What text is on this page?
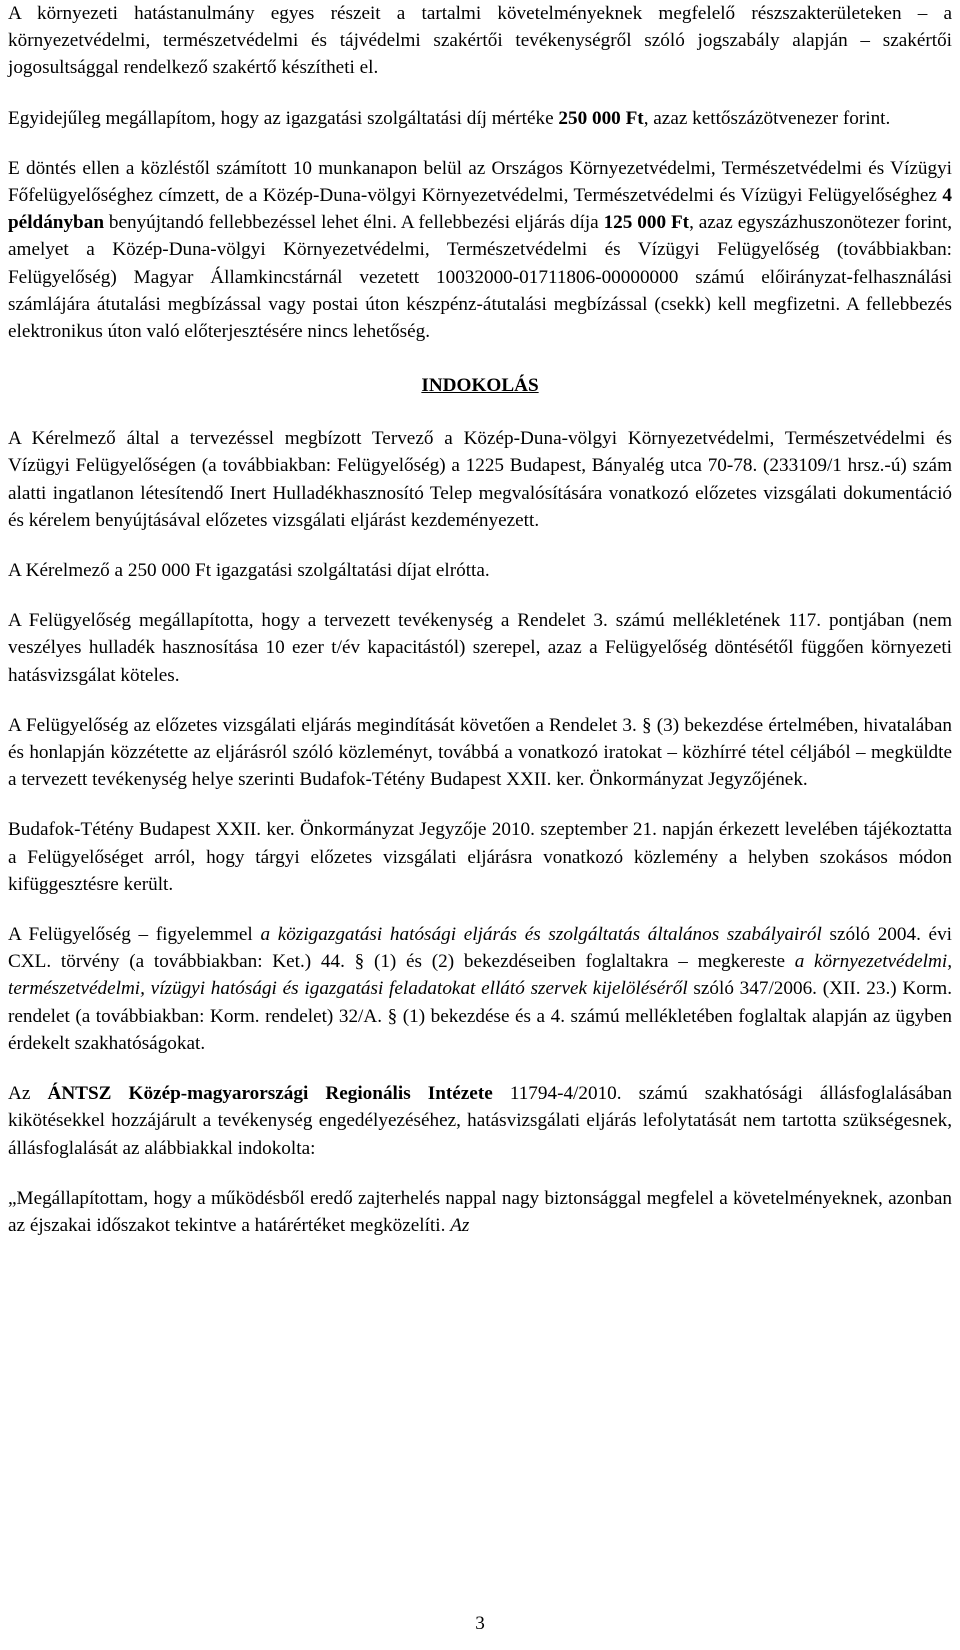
A környezeti hatástanulmány egyes részeit a tartalmi követelményeknek megfelelő részszakterületeken – a környezetvédelmi, természetvédelmi és tájvédelmi szakértői tevékenységről szóló jogszabály alapján – szakértői jogosultsággal rendelkező szakértő készítheti el.

Egyidejűleg megállapítom, hogy az igazgatási szolgáltatási díj mértéke 250 000 Ft, azaz kettőszázötvenezer forint.

E döntés ellen a közléstől számított 10 munkanapon belül az Országos Környezetvédelmi, Természetvédelmi és Vízügyi Főfelügyelőséghez címzett, de a Közép-Duna-völgyi Környezetvédelmi, Természetvédelmi és Vízügyi Felügyelőséghez 4 példányban benyújtandó fellebbezéssel lehet élni. A fellebbezési eljárás díja 125 000 Ft, azaz egyszázhuszonötezer forint, amelyet a Közép-Duna-völgyi Környezetvédelmi, Természetvédelmi és Vízügyi Felügyelőség (továbbiakban: Felügyelőség) Magyar Államkincstárnál vezetett 10032000-01711806-00000000 számú előirányzat-felhasználási számlájára átutalási megbízással vagy postai úton készpénz-átutalási megbízással (csekk) kell megfizetni. A fellebbezés elektronikus úton való előterjesztésére nincs lehetőség.

INDOKOLÁS

A Kérelmező által a tervezéssel megbízott Tervező a Közép-Duna-völgyi Környezetvédelmi, Természetvédelmi és Vízügyi Felügyelőségen (a továbbiakban: Felügyelőség) a 1225 Budapest, Bányalég utca 70-78. (233109/1 hrsz.-ú) szám alatti ingatlanon létesítendő Inert Hulladékhasznosító Telep megvalósítására vonatkozó előzetes vizsgálati dokumentáció és kérelem benyújtásával előzetes vizsgálati eljárást kezdeményezett.

A Kérelmező a 250 000 Ft igazgatási szolgáltatási díjat elrótta.

A Felügyelőség megállapította, hogy a tervezett tevékenység a Rendelet 3. számú mellékletének 117. pontjában (nem veszélyes hulladék hasznosítása 10 ezer t/év kapacitástól) szerepel, azaz a Felügyelőség döntésétől függően környezeti hatásvizsgálat köteles.

A Felügyelőség az előzetes vizsgálati eljárás megindítását követően a Rendelet 3. § (3) bekezdése értelmében, hivatalában és honlapján közzétette az eljárásról szóló közleményt, továbbá a vonatkozó iratokat – közhírré tétel céljából – megküldte a tervezett tevékenység helye szerinti Budafok-Tétény Budapest XXII. ker. Önkormányzat Jegyzőjének.

Budafok-Tétény Budapest XXII. ker. Önkormányzat Jegyzője 2010. szeptember 21. napján érkezett levelében tájékoztatta a Felügyelőséget arról, hogy tárgyi előzetes vizsgálati eljárásra vonatkozó közlemény a helyben szokásos módon kifüggesztésre került.

A Felügyelőség – figyelemmel a közigazgatási hatósági eljárás és szolgáltatás általános szabályairól szóló 2004. évi CXL. törvény (a továbbiakban: Ket.) 44. § (1) és (2) bekezdéseiben foglaltakra – megkereste a környezetvédelmi, természetvédelmi, vízügyi hatósági és igazgatási feladatokat ellátó szervek kijelöléséről szóló 347/2006. (XII. 23.) Korm. rendelet (a továbbiakban: Korm. rendelet) 32/A. § (1) bekezdése és a 4. számú mellékletében foglaltak alapján az ügyben érdekelt szakhatóságokat.

Az ÁNTSZ Közép-magyarországi Regionális Intézete 11794-4/2010. számú szakhatósági állásfoglalásában kikötésekkel hozzájárult a tevékenység engedélyezéséhez, hatásvizsgálati eljárás lefolytatását nem tartotta szükségesnek, állásfoglalását az alábbiakkal indokolta:

„Megállapítottam, hogy a működésből eredő zajterhelés nappal nagy biztonsággal megfelel a követelményeknek, azonban az éjszakai időszakot tekintve a határértéket megközelíti. Az

3
